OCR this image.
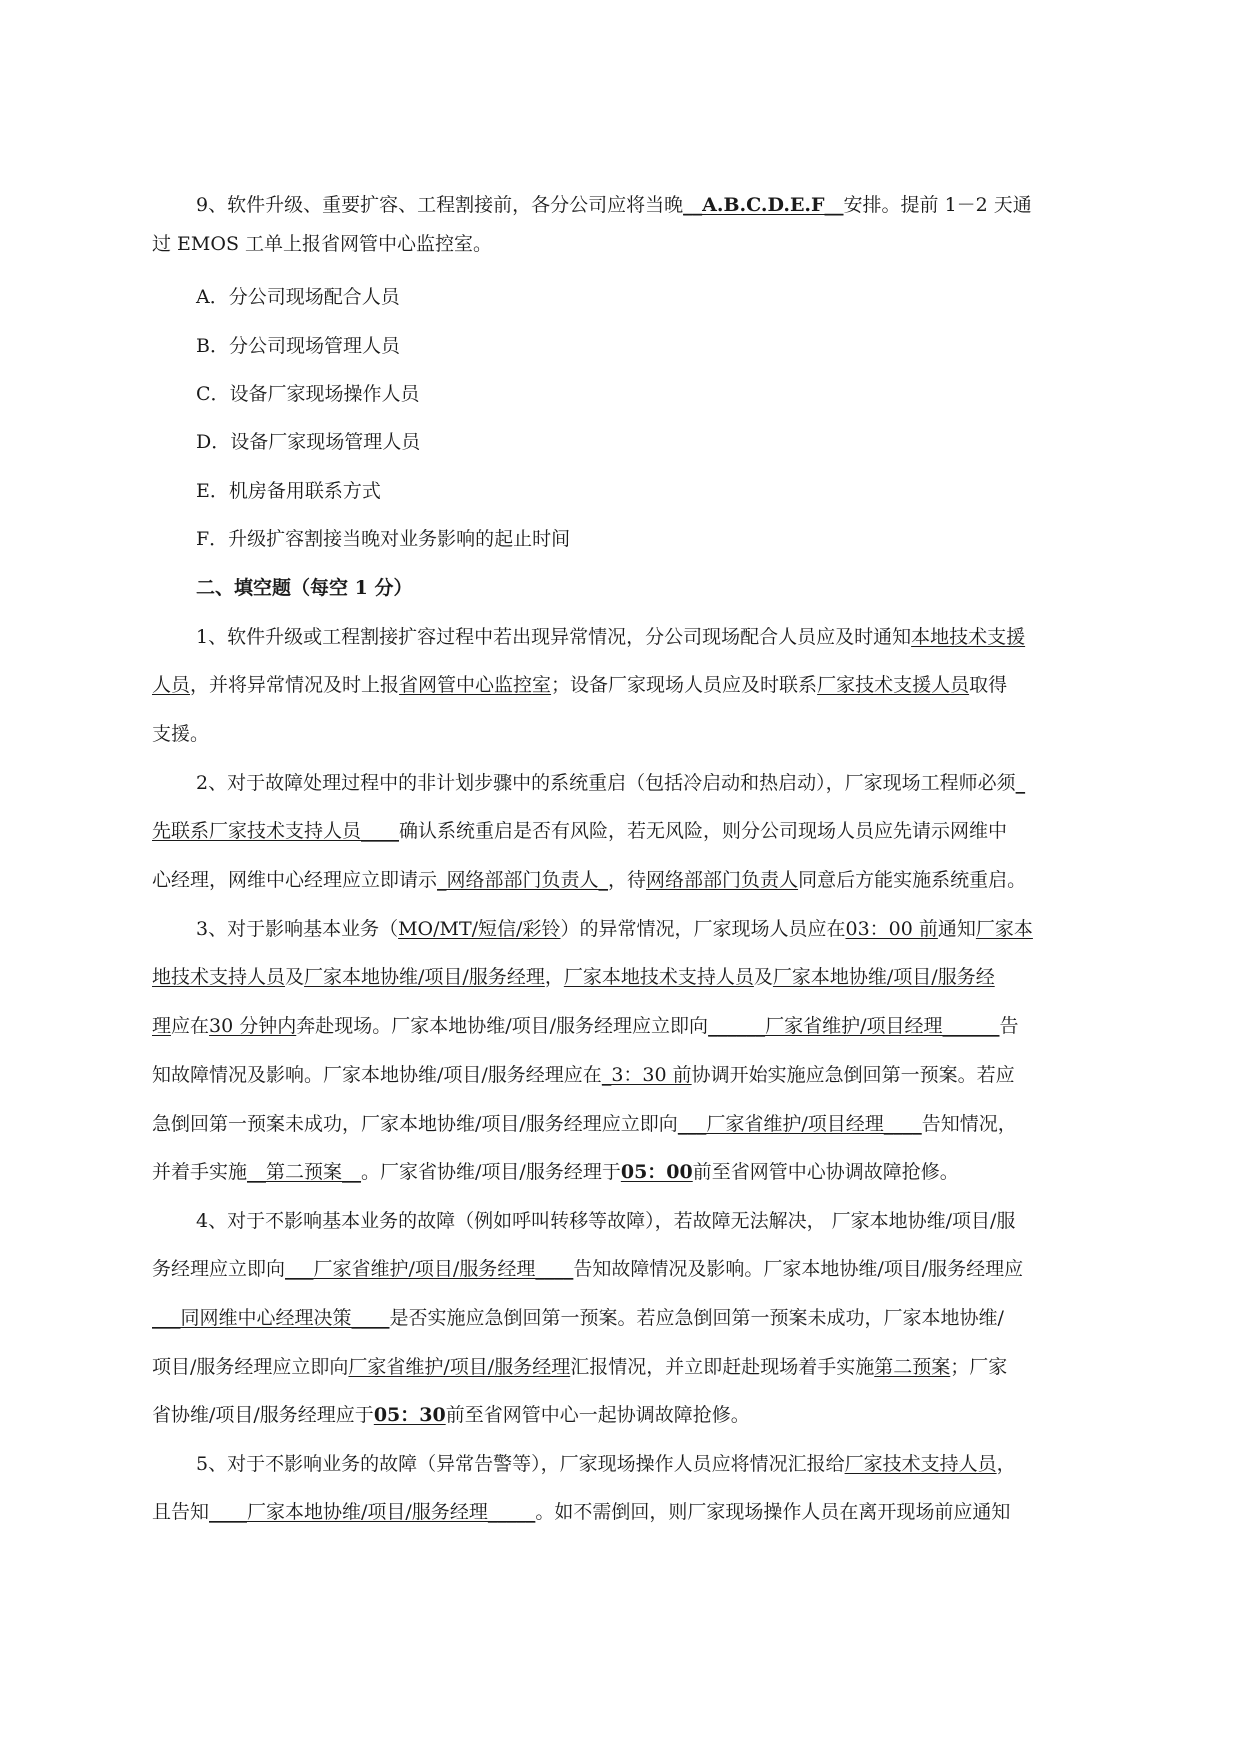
9、软件升级、重要扩容、工程割接前，各分公司应将当晚__A.B.C.D.E.F__安排。提前 1－2 天通
过 EMOS 工单上报省网管中心监控室。
A．分公司现场配合人员
B．分公司现场管理人员
C．设备厂家现场操作人员
D．设备厂家现场管理人员
E．机房备用联系方式
F．升级扩容割接当晚对业务影响的起止时间
二、填空题（每空 1 分）
1、软件升级或工程割接扩容过程中若出现异常情况，分公司现场配合人员应及时通知本地技术支援
人员，并将异常情况及时上报省网管中心监控室；设备厂家现场人员应及时联系厂家技术支援人员取得
支援。
2、对于故障处理过程中的非计划步骤中的系统重启（包括冷启动和热启动），厂家现场工程师必须_
先联系厂家技术支持人员____确认系统重启是否有风险，若无风险，则分公司现场人员应先请示网维中
心经理，网维中心经理应立即请示_网络部部门负责人_，待网络部部门负责人同意后方能实施系统重启。
3、对于影响基本业务（MO/MT/短信/彩铃）的异常情况，厂家现场人员应在03：00 前通知厂家本
地技术支持人员及厂家本地协维/项目/服务经理，厂家本地技术支持人员及厂家本地协维/项目/服务经
理应在30 分钟内奔赴现场。厂家本地协维/项目/服务经理应立即向______厂家省维护/项目经理______告
知故障情况及影响。厂家本地协维/项目/服务经理应在_3：30 前协调开始实施应急倒回第一预案。若应
急倒回第一预案未成功，厂家本地协维/项目/服务经理应立即向___厂家省维护/项目经理____告知情况，
并着手实施__第二预案__。厂家省协维/项目/服务经理于05：00前至省网管中心协调故障抢修。
4、对于不影响基本业务的故障（例如呼叫转移等故障），若故障无法解决， 厂家本地协维/项目/服
务经理应立即向___厂家省维护/项目/服务经理____告知故障情况及影响。厂家本地协维/项目/服务经理应
___同网维中心经理决策____是否实施应急倒回第一预案。若应急倒回第一预案未成功，厂家本地协维/
项目/服务经理应立即向厂家省维护/项目/服务经理汇报情况，并立即赶赴现场着手实施第二预案；厂家
省协维/项目/服务经理应于05：30前至省网管中心一起协调故障抢修。
5、对于不影响业务的故障（异常告警等），厂家现场操作人员应将情况汇报给厂家技术支持人员，
且告知____厂家本地协维/项目/服务经理_____。如不需倒回，则厂家现场操作人员在离开现场前应通知
